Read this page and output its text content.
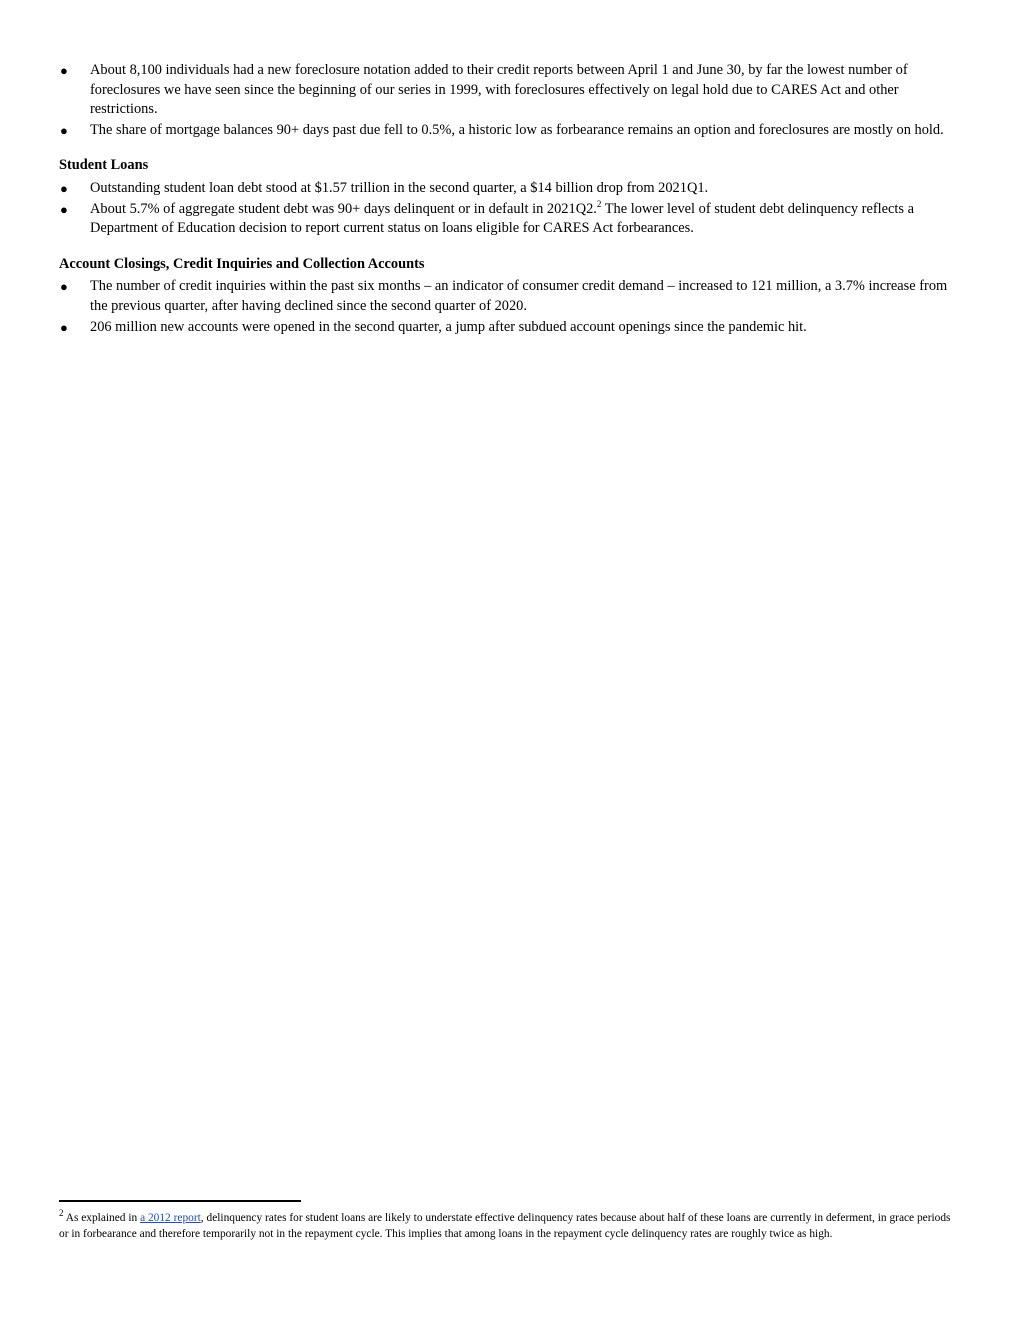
● About 8,100 individuals had a new foreclosure notation added to their credit reports between April 1 and June 30, by far the lowest number of foreclosures we have seen since the beginning of our series in 1999, with foreclosures effectively on legal hold due to CARES Act and other restrictions.
● The share of mortgage balances 90+ days past due fell to 0.5%, a historic low as forbearance remains an option and foreclosures are mostly on hold.
Student Loans
● Outstanding student loan debt stood at $1.57 trillion in the second quarter, a $14 billion drop from 2021Q1.
● About 5.7% of aggregate student debt was 90+ days delinquent or in default in 2021Q2.$^2$ The lower level of student debt delinquency reflects a Department of Education decision to report current status on loans eligible for CARES Act forbearances.
Account Closings, Credit Inquiries and Collection Accounts
● The number of credit inquiries within the past six months – an indicator of consumer credit demand – increased to 121 million, a 3.7% increase from the previous quarter, after having declined since the second quarter of 2020.
● 206 million new accounts were opened in the second quarter, a jump after subdued account openings since the pandemic hit.
$^2$ As explained in a 2012 report, delinquency rates for student loans are likely to understate effective delinquency rates because about half of these loans are currently in deferment, in grace periods or in forbearance and therefore temporarily not in the repayment cycle. This implies that among loans in the repayment cycle delinquency rates are roughly twice as high.
